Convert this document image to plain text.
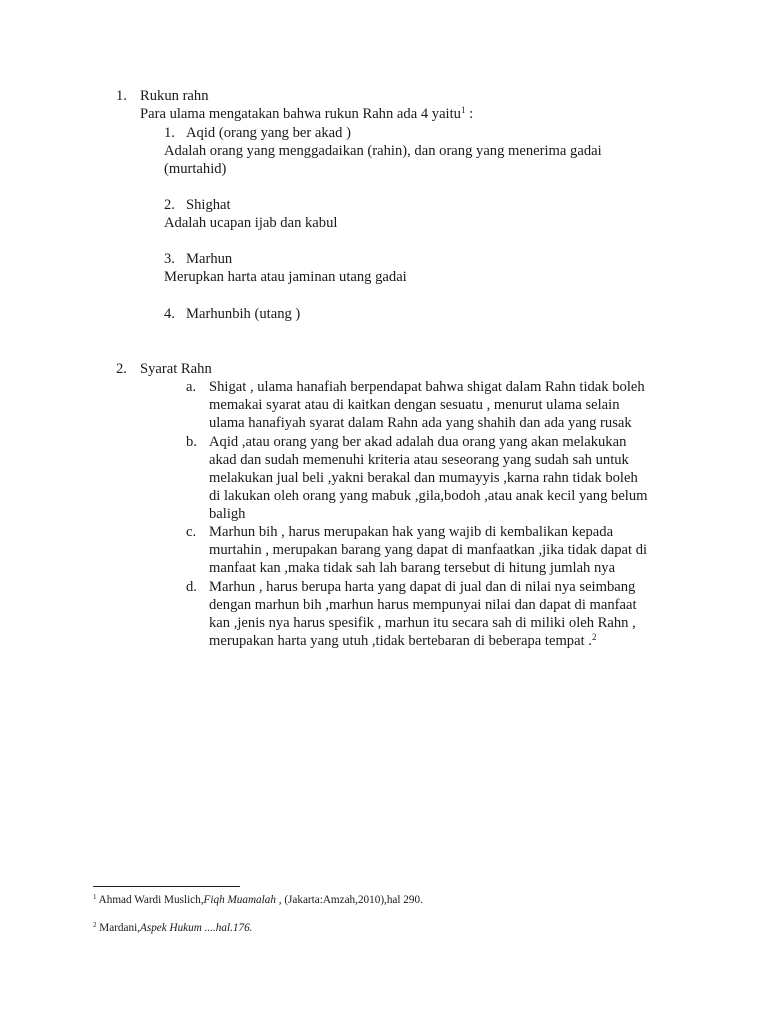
1. Rukun rahn
Para ulama mengatakan bahwa rukun Rahn ada 4 yaitu$^1$ :
1. Aqid (orang yang ber akad )
Adalah orang yang menggadaikan (rahin), dan orang yang menerima gadai
(murtahid)
2. Shighat
Adalah ucapan ijab dan kabul
3. Marhun
Merupkan harta atau jaminan utang gadai
4. Marhunbih (utang )
2. Syarat Rahn
a. Shigat , ulama hanafiah berpendapat bahwa shigat dalam Rahn tidak boleh
memakai syarat atau di kaitkan dengan sesuatu , menurut ulama selain
ulama hanafiyah syarat dalam Rahn ada yang shahih dan ada yang rusak
b. Aqid ,atau orang yang ber akad adalah dua orang yang akan melakukan
akad dan sudah memenuhi kriteria atau seseorang yang sudah sah untuk
melakukan jual beli ,yakni berakal dan mumayyis ,karna rahn tidak boleh
di lakukan oleh orang yang mabuk ,gila,bodoh ,atau anak kecil yang belum
baligh
c. Marhun bih , harus merupakan hak yang wajib di kembalikan kepada
murtahin , merupakan barang yang dapat di manfaatkan ,jika tidak dapat di
manfaat kan ,maka tidak sah lah barang tersebut di hitung jumlah nya
d. Marhun , harus berupa harta yang dapat di jual dan di nilai nya seimbang
dengan marhun bih ,marhun harus mempunyai nilai dan dapat di manfaat
kan ,jenis nya harus spesifik , marhun itu secara sah di miliki oleh Rahn ,
merupakan harta yang utuh ,tidak bertebaran di beberapa tempat .$^2$
$^1$ Ahmad Wardi Muslich,Fiqh Muamalah , (Jakarta:Amzah,2010),hal 290.
$^2$ Mardani,Aspek Hukum ....hal.176.
